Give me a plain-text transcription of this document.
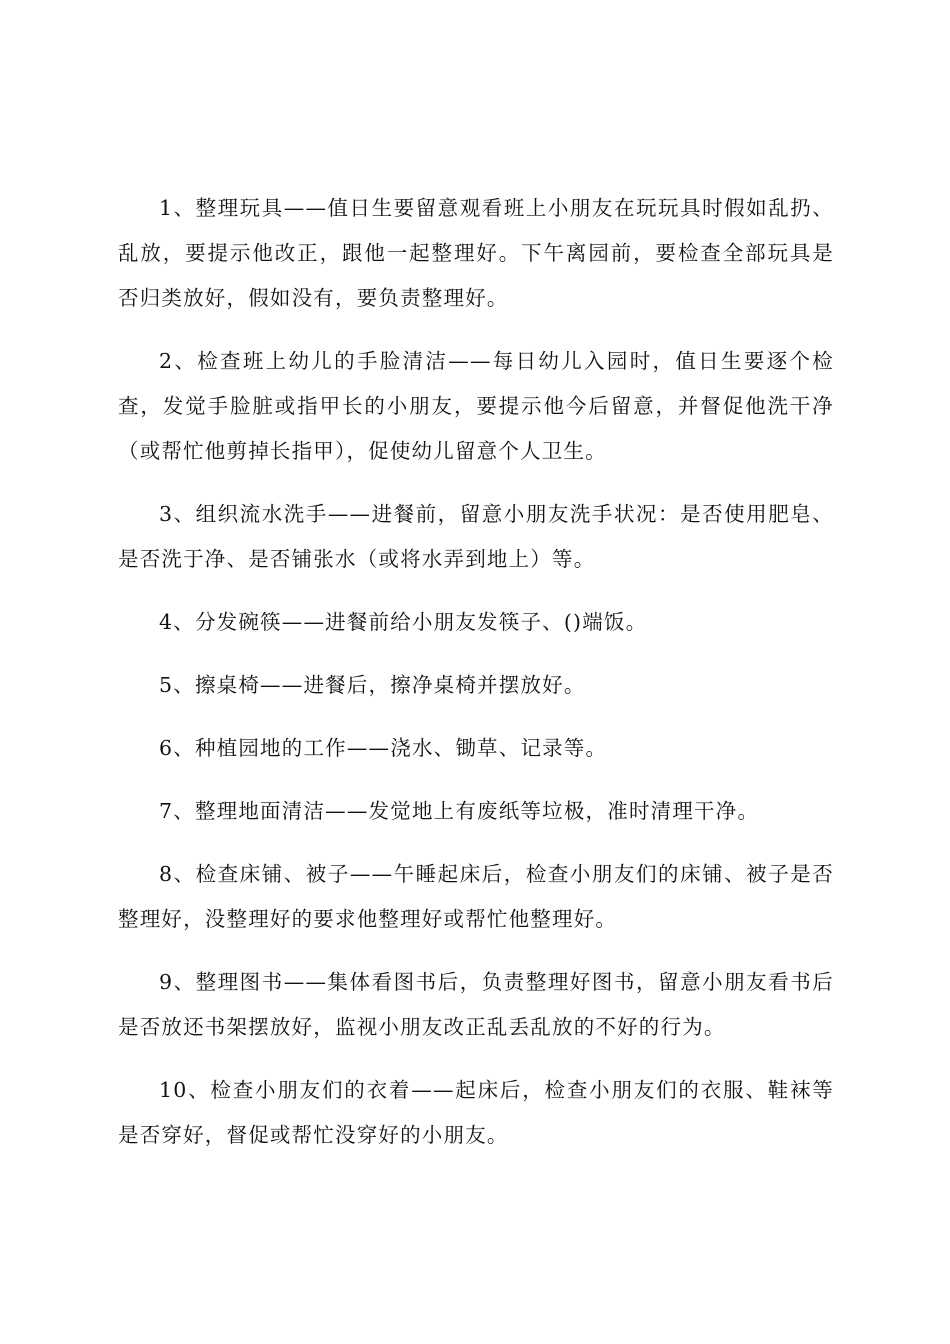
1、整理玩具——值日生要留意观看班上小朋友在玩玩具时假如乱扔、乱放，要提示他改正，跟他一起整理好。下午离园前，要检查全部玩具是否归类放好，假如没有，要负责整理好。

2、检查班上幼儿的手脸清洁——每日幼儿入园时，值日生要逐个检查，发觉手脸脏或指甲长的小朋友，要提示他今后留意，并督促他洗干净（或帮忙他剪掉长指甲），促使幼儿留意个人卫生。

3、组织流水洗手——进餐前，留意小朋友洗手状况：是否使用肥皂、是否洗于净、是否铺张水（或将水弄到地上）等。

4、分发碗筷——进餐前给小朋友发筷子、()端饭。

5、擦桌椅——进餐后，擦净桌椅并摆放好。

6、种植园地的工作——浇水、锄草、记录等。

7、整理地面清洁——发觉地上有废纸等垃极，准时清理干净。

8、检查床铺、被子——午睡起床后，检查小朋友们的床铺、被子是否整理好，没整理好的要求他整理好或帮忙他整理好。

9、整理图书——集体看图书后，负责整理好图书，留意小朋友看书后是否放还书架摆放好，监视小朋友改正乱丢乱放的不好的行为。

10、检查小朋友们的衣着——起床后，检查小朋友们的衣服、鞋袜等是否穿好，督促或帮忙没穿好的小朋友。
